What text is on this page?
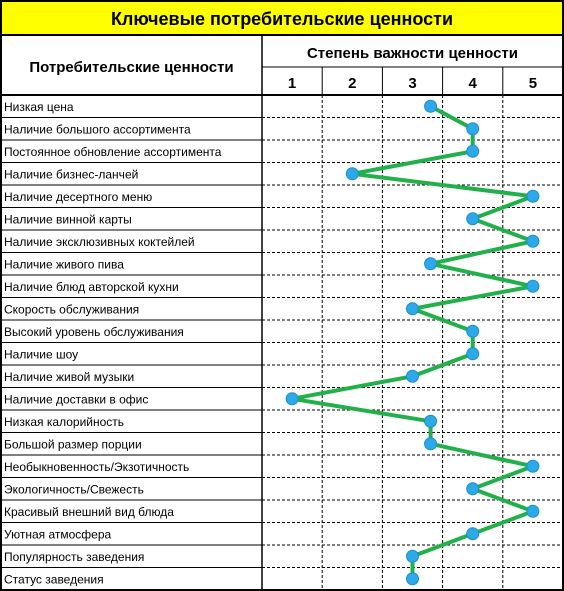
Ключевые потребительские ценности
Потребительские ценности
Степень важности ценности
1	2	3	4	5
Низкая цена
Наличие большого ассортимента
Постоянное обновление ассортимента
Наличие бизнес-ланчей
Наличие десертного меню
Наличие винной карты
Наличие эксклюзивных коктейлей
Наличие живого пива
Наличие блюд авторской кухни
Скорость обслуживания
Высокий уровень обслуживания
Наличие шоу
Наличие живой музыки
Наличие доставки в офис
Низкая калорийность
Большой размер порции
Необыкновенность/Экзотичность
Экологичность/Свежесть
Красивый внешний вид блюда
Уютная атмосфера
Популярность заведения
Статус заведения
